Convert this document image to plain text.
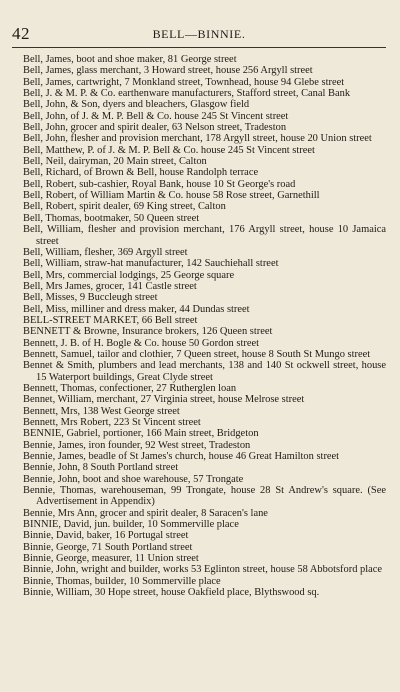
42	BELL—BINNIE.

Bell, James, boot and shoe maker, 81 George street

Bell, James, glass merchant, 3 Howard street, house 256 Argyll street

Bell, James, cartwright, 7 Monkland street, Townhead, house 94 Glebe street

Bell, J. & M. P. & Co. earthenware manufacturers, Stafford street, Canal Bank

Bell, John, & Son, dyers and bleachers, Glasgow field

Bell, John, of J. & M. P. Bell & Co. house 245 St Vincent street

Bell, John, grocer and spirit dealer, 63 Nelson street, Tradeston

Bell, John, flesher and provision merchant, 178 Argyll street, house 20 Union street

Bell, Matthew, P. of J. & M. P. Bell & Co. house 245 St Vincent street

Bell, Neil, dairyman, 20 Main street, Calton

Bell, Richard, of Brown & Bell, house Randolph terrace

Bell, Robert, sub-cashier, Royal Bank, house 10 St George's road

Bell, Robert, of William Martin & Co. house 58 Rose street, Garnethill

Bell, Robert, spirit dealer, 69 King street, Calton

Bell, Thomas, bootmaker, 50 Queen street

Bell, William, flesher and provision merchant, 176 Argyll street, house 10 Jamaica street

Bell, William, flesher, 369 Argyll street

Bell, William, straw-hat manufacturer, 142 Sauchiehall street

Bell, Mrs, commercial lodgings, 25 George square

Bell, Mrs James, grocer, 141 Castle street

Bell, Misses, 9 Buccleugh street

Bell, Miss, milliner and dress maker, 44 Dundas street

BELL-STREET MARKET, 66 Bell street

BENNETT & Browne, Insurance brokers, 126 Queen street

Bennett, J. B. of H. Bogle & Co. house 50 Gordon street

Bennett, Samuel, tailor and clothier, 7 Queen street, house 8 South St Mungo street

Bennet & Smith, plumbers and lead merchants, 138 and 140 St ockwell street, house 15 Waterport buildings, Great Clyde street

Bennett, Thomas, confectioner, 27 Rutherglen loan

Bennet, William, merchant, 27 Virginia street, house Melrose street

Bennett, Mrs, 138 West George street

Bennett, Mrs Robert, 223 St Vincent street

BENNIE, Gabriel, portioner, 166 Main street, Bridgeton

Bennie, James, iron founder, 92 West street, Tradeston

Bennie, James, beadle of St James's church, house 46 Great Hamilton street

Bennie, John, 8 South Portland street

Bennie, John, boot and shoe warehouse, 57 Trongate

Bennie, Thomas, warehouseman, 99 Trongate, house 28 St Andrew's square. (See Advertisement in Appendix)

Bennie, Mrs Ann, grocer and spirit dealer, 8 Saracen's lane

BINNIE, David, jun. builder, 10 Sommerville place

Binnie, David, baker, 16 Portugal street

Binnie, George, 71 South Portland street

Binnie, George, measurer, 11 Union street

Binnie, John, wright and builder, works 53 Eglinton street, house 58 Abbotsford place

Binnie, Thomas, builder, 10 Sommerville place

Binnie, William, 30 Hope street, house Oakfield place, Blythswood sq.
